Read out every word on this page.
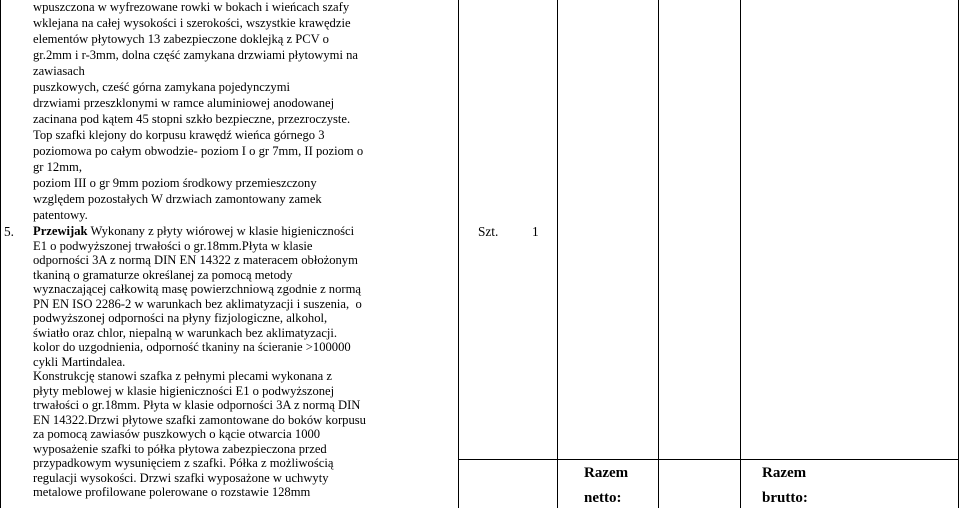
wpuszczona w wyfrezowane rowki w bokach i wieńcach szafy
wklejana na całej wysokości i szerokości, wszystkie krawędzie
elementów płytowych 13 zabezpieczone doklejką z PCV o
gr.2mm i r-3mm, dolna część zamykana drzwiami płytowymi na
zawiasach
puszkowych, cześć górna zamykana pojedynczymi
drzwiami przeszklonymi w ramce aluminiowej anodowanej
zacinana pod kątem 45 stopni szkło bezpieczne, przezroczyste.
Top szafki klejony do korpusu krawędź wieńca górnego 3
poziomowa po całym obwodzie- poziom I o gr 7mm, II poziom o
gr 12mm,
poziom III o gr 9mm poziom środkowy przemieszczony
względem pozostałych W drzwiach zamontowany zamek
patentowy.
5. Przewijak Wykonany z płyty wiórowej w klasie higieniczności
E1 o podwyższonej trwałości o gr.18mm.Płyta w klasie
odporności 3A z normą DIN EN 14322 z materacem obłożonym
tkaniną o gramaturze określanej za pomocą metody
wyznaczającej całkowitą masę powierzchniową zgodnie z normą
PN EN ISO 2286-2 w warunkach bez aklimatyzacji i suszenia,  o
podwyższonej odporności na płyny fizjologiczne, alkohol,
światło oraz chlor, niepalną w warunkach bez aklimatyzacji.
kolor do uzgodnienia, odporność tkaniny na ścieranie >100000
cykli Martindalea.
Konstrukcję stanowi szafka z pełnymi plecami wykonana z
płyty meblowej w klasie higieniczności E1 o podwyższonej
trwałości o gr.18mm. Płyta w klasie odporności 3A z normą DIN
EN 14322.Drzwi płytowe szafki zamontowane do boków korpusu
za pomocą zawiasów puszkowych o kącie otwarcia 1000
wyposażenie szafki to półka płytowa zabezpieczona przed
przypadkowym wysunięciem z szafki. Półka z możliwością
regulacji wysokości. Drzwi szafki wyposażone w uchwyty
metalowe profilowane polerowane o rozstawie 128mm
Szt.	1
Razem
netto:
Razem
brutto:
